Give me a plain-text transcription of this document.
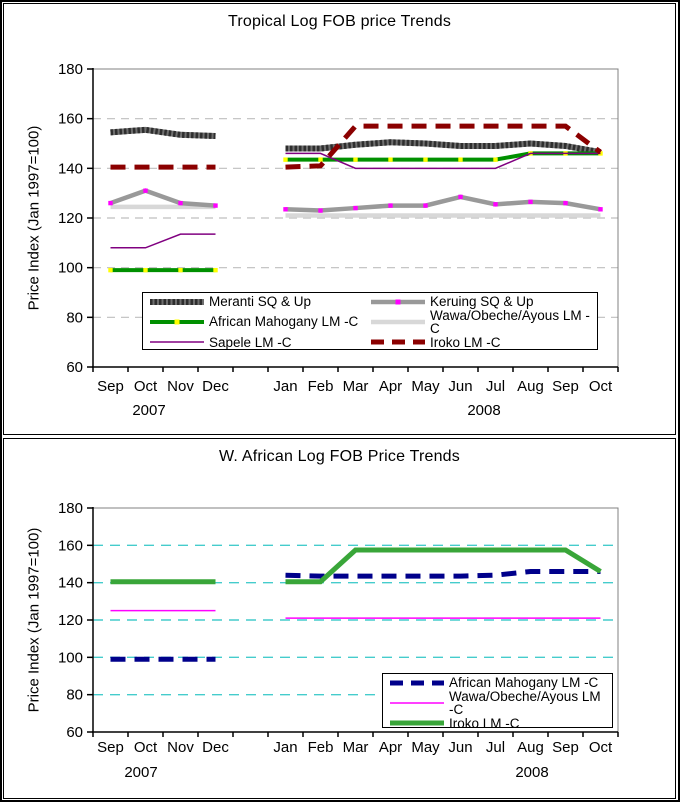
Tropical Log FOB price Trends
Price Index (Jan 1997=100)
180
160
140
120
100
80
60
Sep Oct Nov Dec	Jan Feb Mar Apr May Jun Jul Aug Sep Oct
2007	2008
Meranti SQ & Up
African Mahogany LM -C
Sapele LM -C
Keruing SQ & Up
Wawa/Obeche/Ayous LM -C
Iroko LM -C
W. African Log FOB Price Trends
Price Index (Jan 1997=100)
180
160
140
120
100
80
60
Sep Oct Nov Dec	Jan Feb Mar Apr May Jun Jul Aug Sep Oct
2007	2008
African Mahogany LM -C
Wawa/Obeche/Ayous LM -C
Iroko LM -C
